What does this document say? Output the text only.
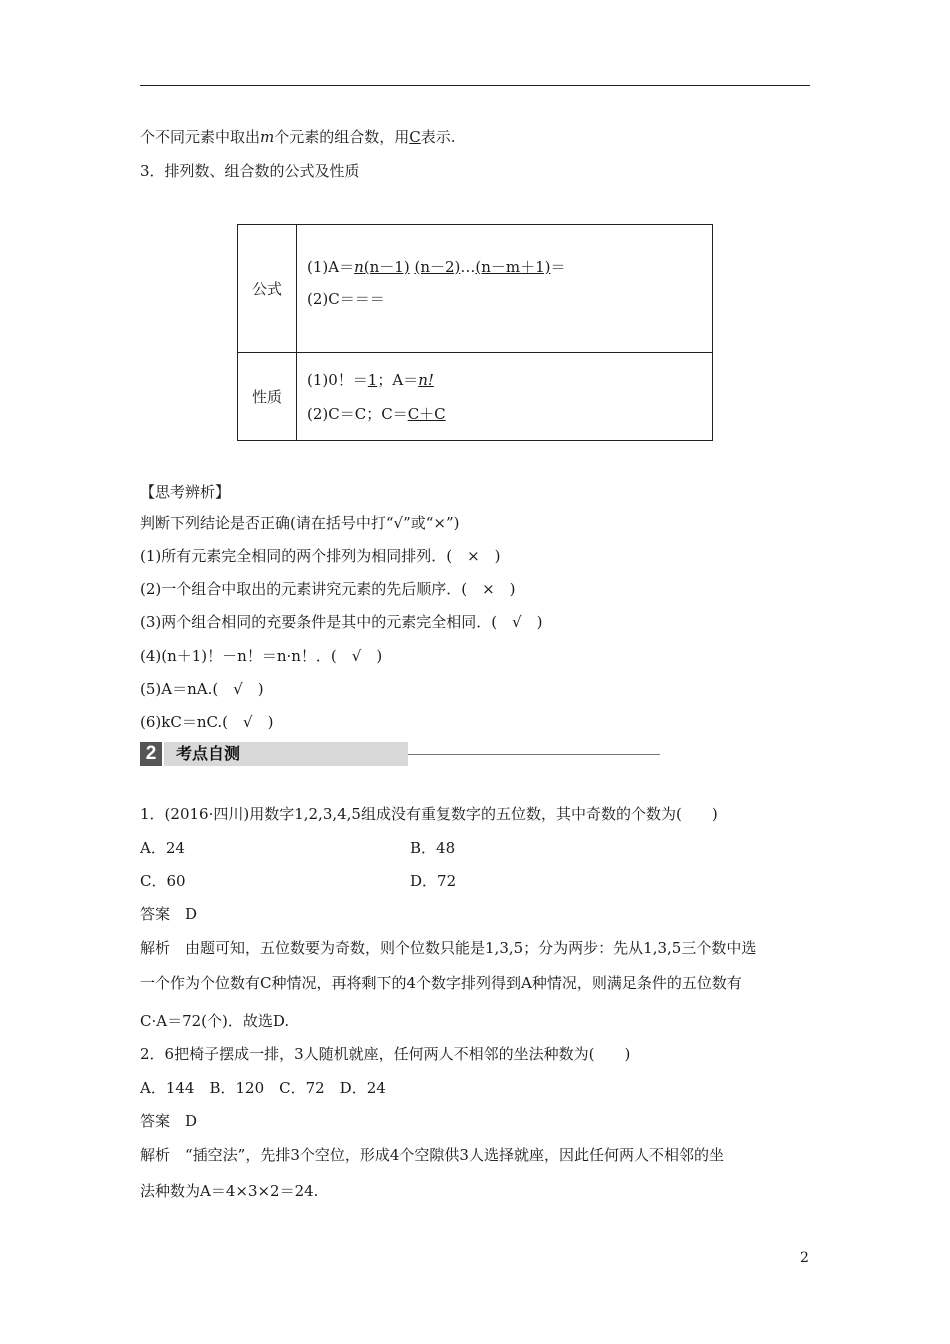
个不同元素中取出m个元素的组合数，用C表示.
3．排列数、组合数的公式及性质
公式	(1)A＝n(n－1) (n－2)…(n－m＋1)＝
(2)C＝＝＝

性质	(1)0！＝1；A＝n!
(2)C＝C；C＝C＋C
【思考辨析】
判断下列结论是否正确(请在括号中打“√”或“×”)
(1)所有元素完全相同的两个排列为相同排列．(　×　)
(2)一个组合中取出的元素讲究元素的先后顺序．(　×　)
(3)两个组合相同的充要条件是其中的元素完全相同．(　√　)
(4)(n＋1)！－n！＝n·n！．(　√　)
(5)A＝nA.(　√　)
(6)kC＝nC.(　√　)
2	考点自测
1．(2016·四川)用数字1,2,3,4,5组成没有重复数字的五位数，其中奇数的个数为(　　)
A．24	B．48
C．60	D．72
答案　D
解析　由题可知，五位数要为奇数，则个位数只能是1,3,5；分为两步：先从1,3,5三个数中选
一个作为个位数有C种情况，再将剩下的4个数字排列得到A种情况，则满足条件的五位数有
C·A＝72(个)．故选D.
2．6把椅子摆成一排，3人随机就座，任何两人不相邻的坐法种数为(　　)
A．144　B．120　C．72　D．24
答案　D
解析　“插空法”，先排3个空位，形成4个空隙供3人选择就座，因此任何两人不相邻的坐
法种数为A＝4×3×2＝24.
2
